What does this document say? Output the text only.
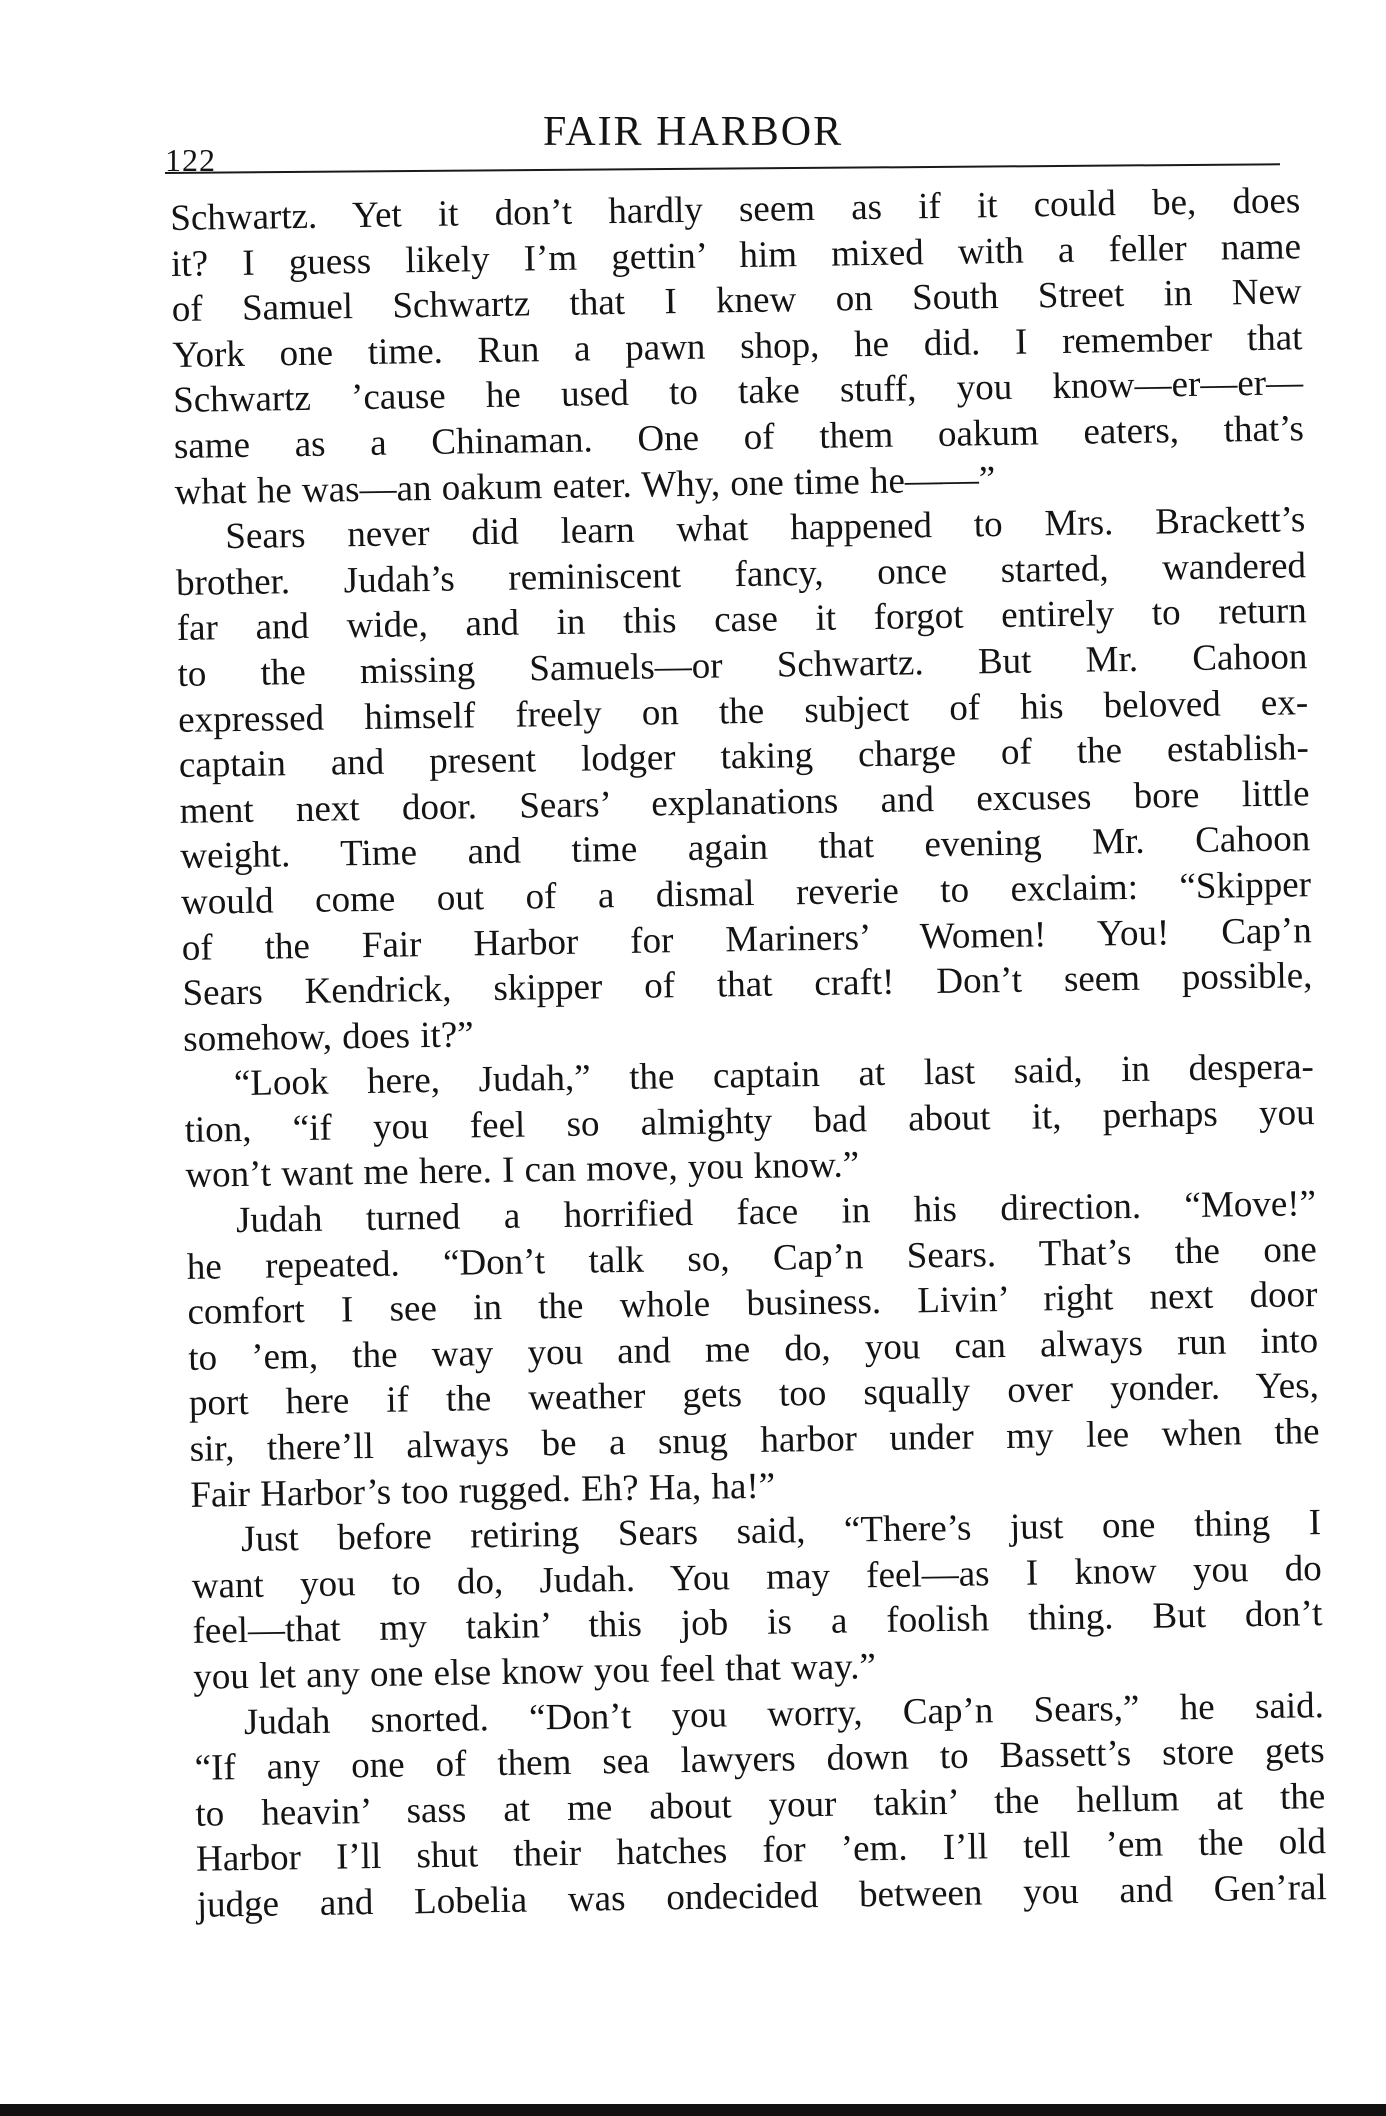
122
FAIR HARBOR
Schwartz. Yet it don’t hardly seem as if it could be, does
it? I guess likely I’m gettin’ him mixed with a feller name
of Samuel Schwartz that I knew on South Street in New
York one time. Run a pawn shop, he did. I remember that
Schwartz ’cause he used to take stuff, you know—er—er—
same as a Chinaman. One of them oakum eaters, that’s
what he was—an oakum eater. Why, one time he——”
Sears never did learn what happened to Mrs. Brackett’s
brother. Judah’s reminiscent fancy, once started, wandered
far and wide, and in this case it forgot entirely to return
to the missing Samuels—or Schwartz. But Mr. Cahoon
expressed himself freely on the subject of his beloved ex-
captain and present lodger taking charge of the establish-
ment next door. Sears’ explanations and excuses bore little
weight. Time and time again that evening Mr. Cahoon
would come out of a dismal reverie to exclaim: “Skipper
of the Fair Harbor for Mariners’ Women! You! Cap’n
Sears Kendrick, skipper of that craft! Don’t seem possible,
somehow, does it?”
“Look here, Judah,” the captain at last said, in despera-
tion, “if you feel so almighty bad about it, perhaps you
won’t want me here. I can move, you know.”
Judah turned a horrified face in his direction. “Move!”
he repeated. “Don’t talk so, Cap’n Sears. That’s the one
comfort I see in the whole business. Livin’ right next door
to ’em, the way you and me do, you can always run into
port here if the weather gets too squally over yonder. Yes,
sir, there’ll always be a snug harbor under my lee when the
Fair Harbor’s too rugged. Eh? Ha, ha!”
Just before retiring Sears said, “There’s just one thing I
want you to do, Judah. You may feel—as I know you do
feel—that my takin’ this job is a foolish thing. But don’t
you let any one else know you feel that way.”
Judah snorted. “Don’t you worry, Cap’n Sears,” he said.
“If any one of them sea lawyers down to Bassett’s store gets
to heavin’ sass at me about your takin’ the hellum at the
Harbor I’ll shut their hatches for ’em. I’ll tell ’em the old
judge and Lobelia was ondecided between you and Gen’ral
